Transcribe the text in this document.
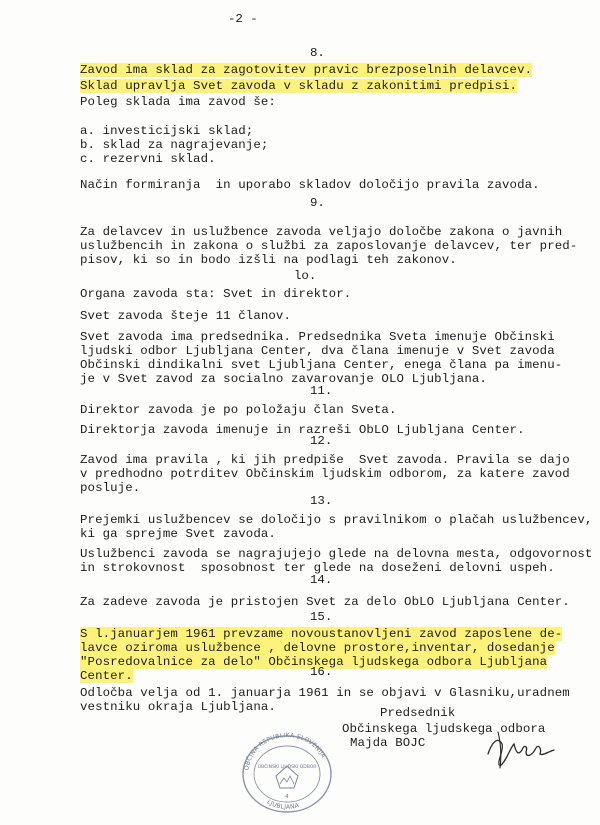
-2 -
8.
Zavod ima sklad za zagotovitev pravic brezposelnih delavcev.
Sklad upravlja Svet zavoda v skladu z zakonitimi predpisi.
Poleg sklada ima zavod še:
a. investicijski sklad;
b. sklad za nagrajevanje;
c. rezervni sklad.
Način formiranja  in uporabo skladov določijo pravila zavoda.
9.
Za delavcev in uslužbence zavoda veljajo določbe zakona o javnih
uslužbencih in zakona o službi za zaposlovanje delavcev, ter pred-
pisov, ki so in bodo izšli na podlagi teh zakonov.
lo.
Organa zavoda sta: Svet in direktor.
Svet zavoda šteje 11 članov.
Svet zavoda ima predsednika. Predsednika Sveta imenuje Občinski
ljudski odbor Ljubljana Center, dva člana imenuje v Svet zavoda
Občinski dindikalni svet Ljubljana Center, enega člana pa imenu-
je v Svet zavod za socialno zavarovanje OLO Ljubljana.
11.
Direktor zavoda je po položaju član Sveta.
Direktorja zavoda imenuje in razreši ObLO Ljubljana Center.
12.
Zavod ima pravila , ki jih predpiše  Svet zavoda. Pravila se dajo
v predhodno potrditev Občinskim ljudskim odborom, za katere zavod
posluje.
13.
Prejemki uslužbencev se določijo s pravilnikom o plačah uslužbencev,
ki ga sprejme Svet zavoda.
Uslužbenci zavoda se nagrajujejo glede na delovna mesta, odgovornost
in strokovnost  sposobnost ter glede na doseženi delovni uspeh.
14.
Za zadeve zavoda je pristojen Svet za delo ObLO Ljubljana Center.
15.
S l.januarjem 1961 prevzame novoustanovljeni zavod zaposlene de-
lavce oziroma uslužbence , delovne prostore,inventar, dosedanje
"Posredovalnice za delo" Občinskega ljudskega odbora Ljubljana
Center.	16.
Odločba velja od 1. januarja 1961 in se objavi v Glasniku,uradnem
vestniku okraja Ljubljana.	Predsednik
Občinskega ljudskega odbora
Majda BOJC
OBČINA REPUBLIKA SLOVENIJA
OBČINSKI LJUDSKI ODBOR
4
LJUBLJANA
